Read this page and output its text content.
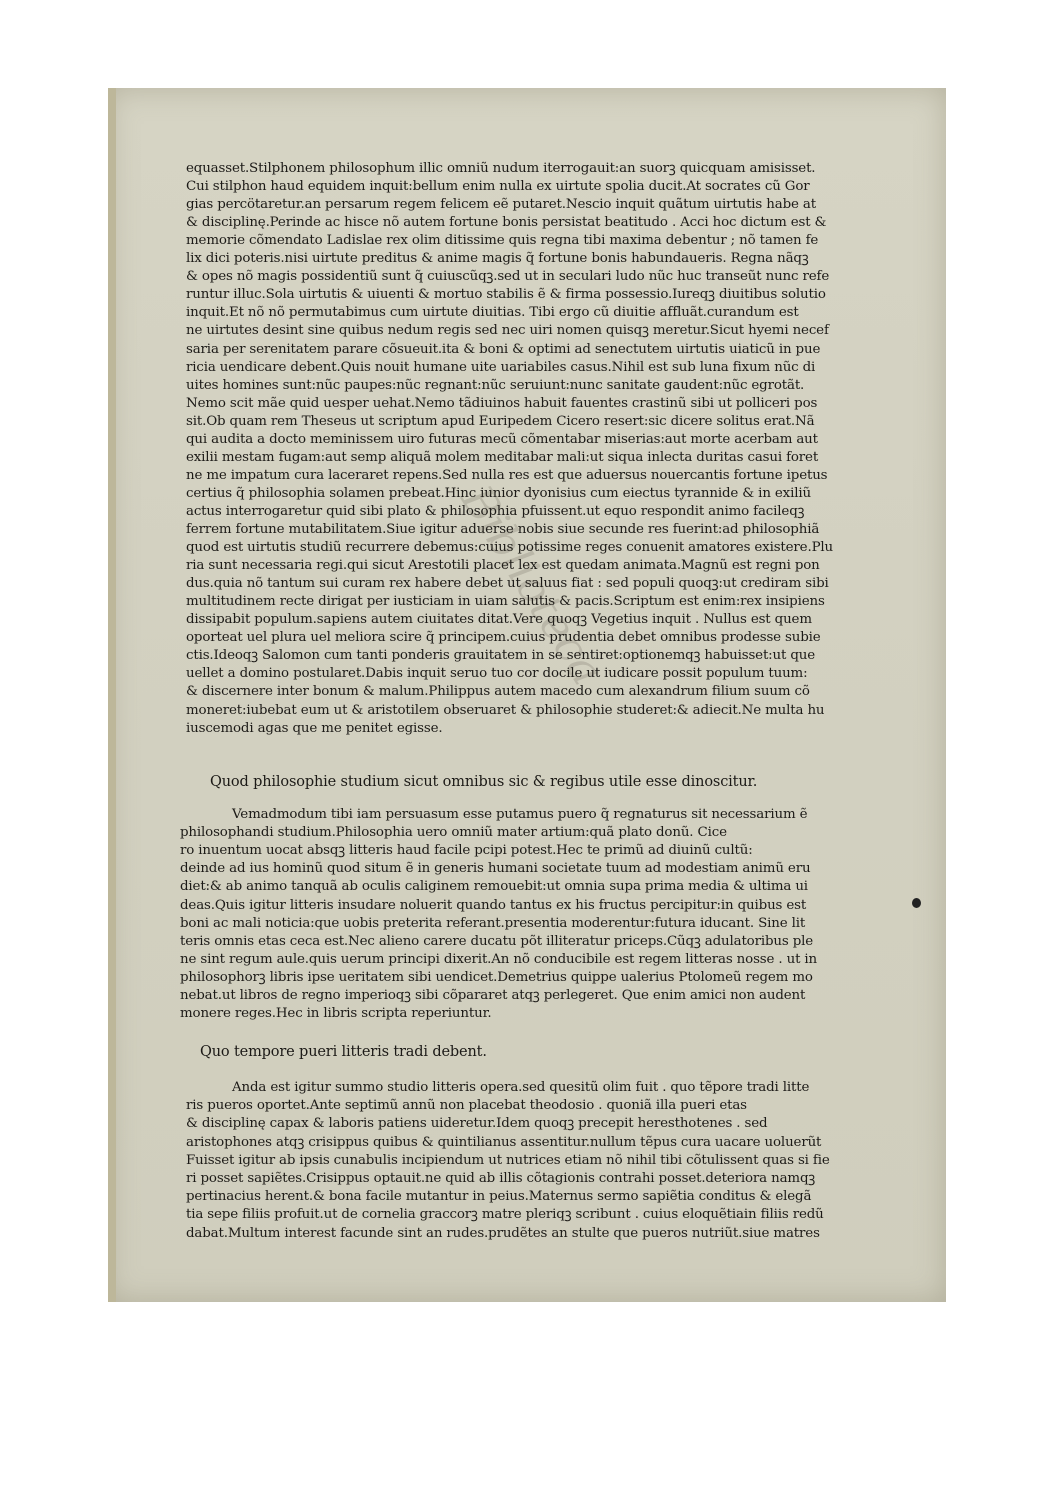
equasset.Stilphonem philosophum illic omniũ nudum iterrogauit:an suorꝫ quicquam amisisset.
Cui stilphon haud equidem inquit:bellum enim nulla ex uirtute spolia ducit.At socrates cũ Gor
gias percötaretur.an persarum regem felicem eẽ putaret.Nescio inquit quãtum uirtutis habe at
& disciplinę.Perinde ac hisce nõ autem fortune bonis persistat beatitudo . Acci hoc dictum est &
memorie cõmendato Ladislae rex olim ditissime quis regna tibi maxima debentur ; nõ tamen fe
lix dici poteris.nisi uirtute preditus & anime magis q̃ fortune bonis habundaueris. Regna nãqꝫ
& opes nõ magis possidentiũ sunt q̃ cuiuscũqꝫ.sed ut in seculari ludo nũc huc transeũt nunc refe
runtur illuc.Sola uirtutis & uiuenti & mortuo stabilis ẽ & firma possessio.Iureqꝫ diuitibus solutio
inquit.Et nõ nõ permutabimus cum uirtute diuitias. Tibi ergo cũ diuitie affluãt.curandum est
ne uirtutes desint sine quibus nedum regis sed nec uiri nomen quisqꝫ meretur.Sicut hyemi necef
saria per serenitatem parare cõsueuit.ita & boni & optimi ad senectutem uirtutis uiaticũ in pue
ricia uendicare debent.Quis nouit humane uite uariabiles casus.Nihil est sub luna fixum nũc di
uites homines sunt:nũc paupes:nũc regnant:nũc seruiunt:nunc sanitate gaudent:nũc egrotãt.
Nemo scit mãe quid uesper uehat.Nemo tãdiuinos habuit fauentes crastinũ sibi ut polliceri pos
sit.Ob quam rem Theseus ut scriptum apud Euripedem Cicero resert:sic dicere solitus erat.Nã
qui audita a docto meminissem uiro futuras mecũ cõmentabar miserias:aut morte acerbam aut
exilii mestam fugam:aut semp aliquã molem meditabar mali:ut siqua inlecta duritas casui foret
ne me impatum cura laceraret repens.Sed nulla res est que aduersus nouercantis fortune ipetus
certius q̃ philosophia solamen prebeat.Hinc iunior dyonisius cum eiectus tyrannide & in exiliũ
actus interrogaretur quid sibi plato & philosophia pfuissent.ut equo respondit animo facileqꝫ
ferrem fortune mutabilitatem.Siue igitur aduerse nobis siue secunde res fuerint:ad philosophiã
quod est uirtutis studiũ recurrere debemus:cuius potissime reges conuenit amatores existere.Plu
ria sunt necessaria regi.qui sicut Arestotili placet lex est quedam animata.Magnũ est regni pon
dus.quia nõ tantum sui curam rex habere debet ut saluus fiat : sed populi quoqꝫ:ut crediram sibi
multitudinem recte dirigat per iusticiam in uiam salutis & pacis.Scriptum est enim:rex insipiens
dissipabit populum.sapiens autem ciuitates ditat.Vere quoqꝫ Vegetius inquit . Nullus est quem
oporteat uel plura uel meliora scire q̃ principem.cuius prudentia debet omnibus prodesse subie
ctis.Ideoqꝫ Salomon cum tanti ponderis grauitatem in se sentiret:optionemqꝫ habuisset:ut que
uellet a domino postularet.Dabis inquit seruo tuo cor docile ut iudicare possit populum tuum:
& discernere inter bonum & malum.Philippus autem macedo cum alexandrum filium suum cõ
moneret:iubebat eum ut & aristotilem obseruaret & philosophie studeret:& adiecit.Ne multa hu
iuscemodi agas que me penitet egisse.
Quod philosophie studium sicut omnibus sic & regibus utile esse dinoscitur.
Vemadmodum tibi iam persuasum esse putamus puero q̃ regnaturus sit necessarium ẽ
philosophandi studium.Philosophia uero omniũ mater artium:quã plato donũ. Cice
ro inuentum uocat absqꝫ litteris haud facile pcipi potest.Hec te primũ ad diuinũ cultũ:
deinde ad ius hominũ quod situm ẽ in generis humani societate tuum ad modestiam animũ eru
diet:& ab animo tanquã ab oculis caliginem remouebit:ut omnia supa prima media & ultima ui
deas.Quis igitur litteris insudare noluerit quando tantus ex his fructus percipitur:in quibus est
boni ac mali noticia:que uobis preterita referant.presentia moderentur:futura iducant. Sine lit
teris omnis etas ceca est.Nec alieno carere ducatu põt illiteratur priceps.Cũqꝫ adulatoribus ple
ne sint regum aule.quis uerum principi dixerit.An nõ conducibile est regem litteras nosse . ut in
philosophorꝫ libris ipse ueritatem sibi uendicet.Demetrius quippe ualerius Ptolomeũ regem mo
nebat.ut libros de regno imperioqꝫ sibi cõpararet atqꝫ perlegeret. Que enim amici non audent
monere reges.Hec in libris scripta reperiuntur.
Quo tempore pueri litteris tradi debent.
Anda est igitur summo studio litteris opera.sed quesitũ olim fuit . quo tẽpore tradi litte
ris pueros oportet.Ante septimũ annũ non placebat theodosio . quoniã illa pueri etas
& disciplinę capax & laboris patiens uideretur.Idem quoqꝫ precepit heresthotenes . sed
aristophones atqꝫ crisippus quibus & quintilianus assentitur.nullum tẽpus cura uacare uoluerũt
Fuisset igitur ab ipsis cunabulis incipiendum ut nutrices etiam nõ nihil tibi cõtulissent quas si fie
ri posset sapiẽtes.Crisippus optauit.ne quid ab illis cõtagionis contrahi posset.deteriora namqꝫ
pertinacius herent.& bona facile mutantur in peius.Maternus sermo sapiẽtia conditus & elegã
tia sepe filiis profuit.ut de cornelia graccorꝫ matre pleriqꝫ scribunt . cuius eloquẽtiain filiis redũ
dabat.Multum interest facunde sint an rudes.prudẽtes an stulte que pueros nutriũt.siue matres
Biblioteca
